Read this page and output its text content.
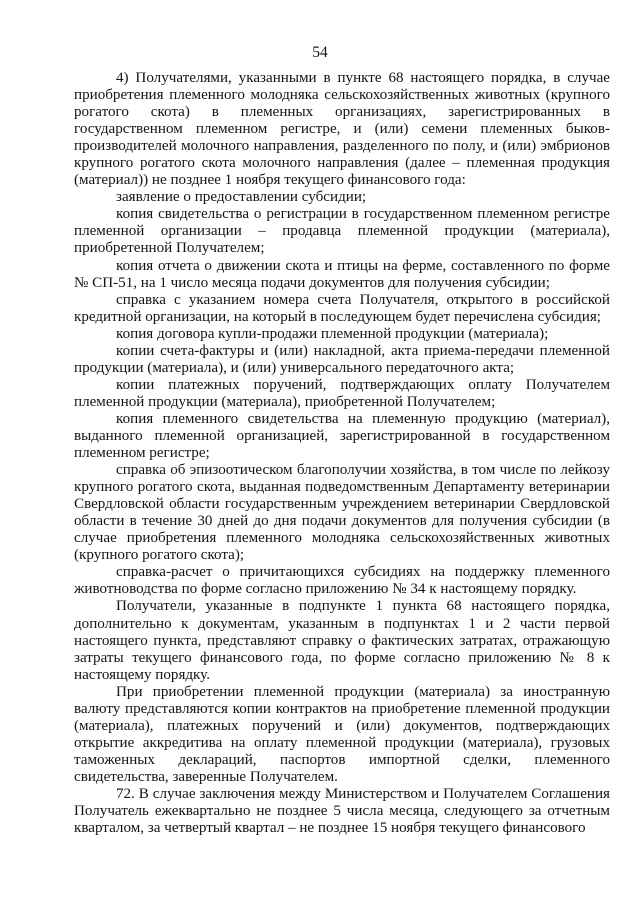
54

4) Получателями, указанными в пункте 68 настоящего порядка, в случае приобретения племенного молодняка сельскохозяйственных животных (крупного рогатого скота) в племенных организациях, зарегистрированных в государственном племенном регистре, и (или) семени племенных быков-производителей молочного направления, разделенного по полу, и (или) эмбрионов крупного рогатого скота молочного направления (далее – племенная продукция (материал)) не позднее 1 ноября текущего финансового года:

заявление о предоставлении субсидии;

копия свидетельства о регистрации в государственном племенном регистре племенной организации – продавца племенной продукции (материала), приобретенной Получателем;

копия отчета о движении скота и птицы на ферме, составленного по форме № СП-51, на 1 число месяца подачи документов для получения субсидии;

справка с указанием номера счета Получателя, открытого в российской кредитной организации, на который в последующем будет перечислена субсидия;

копия договора купли-продажи племенной продукции (материала);

копии счета-фактуры и (или) накладной, акта приема-передачи племенной продукции (материала), и (или) универсального передаточного акта;

копии платежных поручений, подтверждающих оплату Получателем племенной продукции (материала), приобретенной Получателем;

копия племенного свидетельства на племенную продукцию (материал), выданного племенной организацией, зарегистрированной в государственном племенном регистре;

справка об эпизоотическом благополучии хозяйства, в том числе по лейкозу крупного рогатого скота, выданная подведомственным Департаменту ветеринарии Свердловской области государственным учреждением ветеринарии Свердловской области в течение 30 дней до дня подачи документов для получения субсидии (в случае приобретения племенного молодняка сельскохозяйственных животных (крупного рогатого скота);

справка-расчет о причитающихся субсидиях на поддержку племенного животноводства по форме согласно приложению № 34 к настоящему порядку.

Получатели, указанные в подпункте 1 пункта 68 настоящего порядка, дополнительно к документам, указанным в подпунктах 1 и 2 части первой настоящего пункта, представляют справку о фактических затратах, отражающую затраты текущего финансового года, по форме согласно приложению № 8 к настоящему порядку.

При приобретении племенной продукции (материала) за иностранную валюту представляются копии контрактов на приобретение племенной продукции (материала), платежных поручений и (или) документов, подтверждающих открытие аккредитива на оплату племенной продукции (материала), грузовых таможенных деклараций, паспортов импортной сделки, племенного свидетельства, заверенные Получателем.

72. В случае заключения между Министерством и Получателем Соглашения Получатель ежеквартально не позднее 5 числа месяца, следующего за отчетным кварталом, за четвертый квартал – не позднее 15 ноября текущего финансового
